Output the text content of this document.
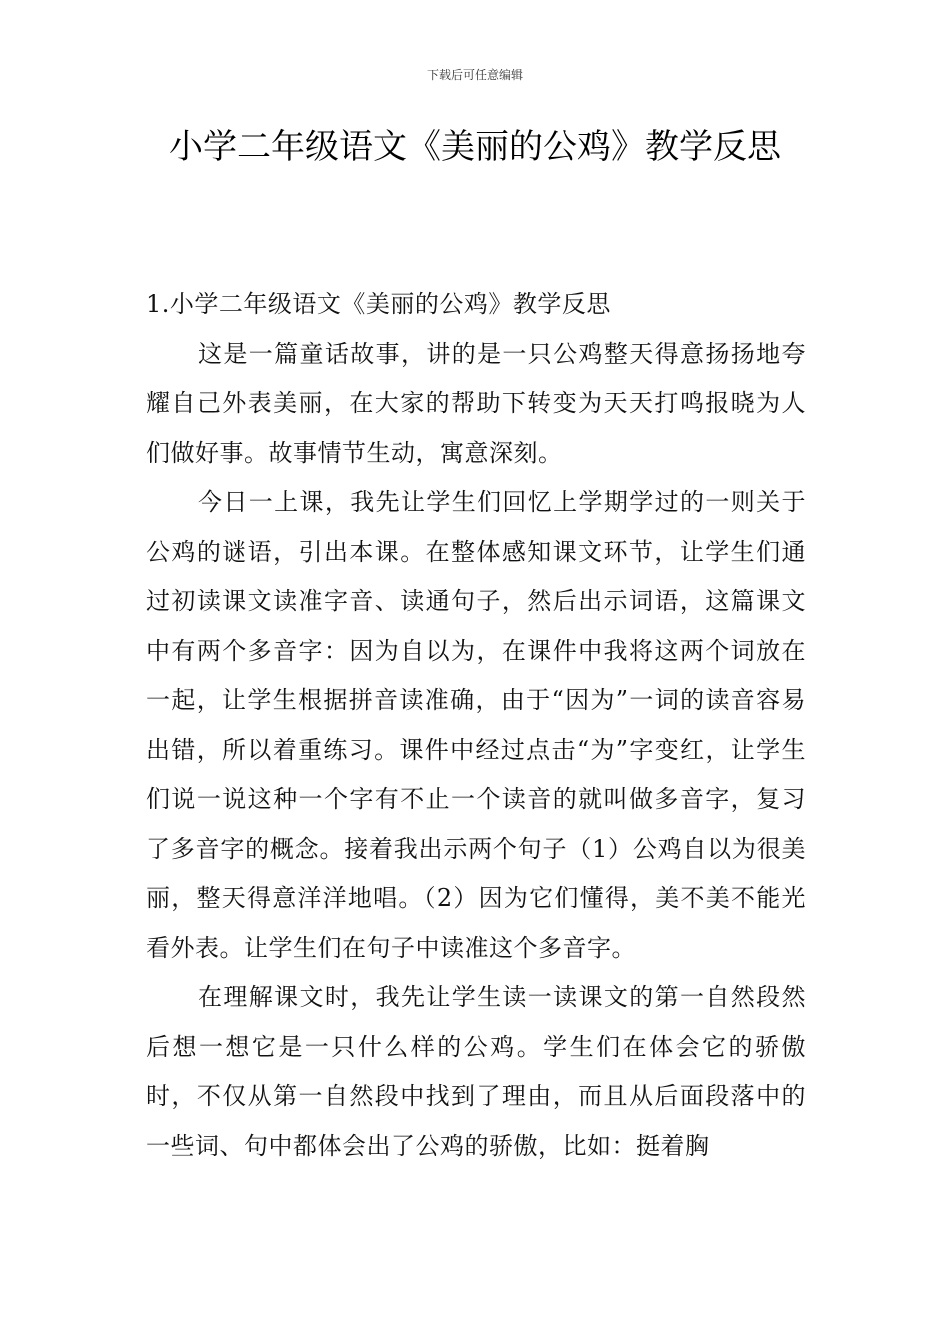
下载后可任意编辑
小学二年级语文《美丽的公鸡》教学反思

1.小学二年级语文《美丽的公鸡》教学反思

这是一篇童话故事，讲的是一只公鸡整天得意扬扬地夸耀自己外表美丽，在大家的帮助下转变为天天打鸣报晓为人们做好事。故事情节生动，寓意深刻。

今日一上课，我先让学生们回忆上学期学过的一则关于公鸡的谜语，引出本课。在整体感知课文环节，让学生们通过初读课文读准字音、读通句子，然后出示词语，这篇课文中有两个多音字：因为自以为，在课件中我将这两个词放在一起，让学生根据拼音读准确，由于“因为”一词的读音容易出错，所以着重练习。课件中经过点击“为”字变红，让学生们说一说这种一个字有不止一个读音的就叫做多音字，复习了多音字的概念。接着我出示两个句子（1）公鸡自以为很美丽，整天得意洋洋地唱。（2）因为它们懂得，美不美不能光看外表。让学生们在句子中读准这个多音字。

在理解课文时，我先让学生读一读课文的第一自然段然后想一想它是一只什么样的公鸡。学生们在体会它的骄傲时，不仅从第一自然段中找到了理由，而且从后面段落中的一些词、句中都体会出了公鸡的骄傲，比如：挺着胸
